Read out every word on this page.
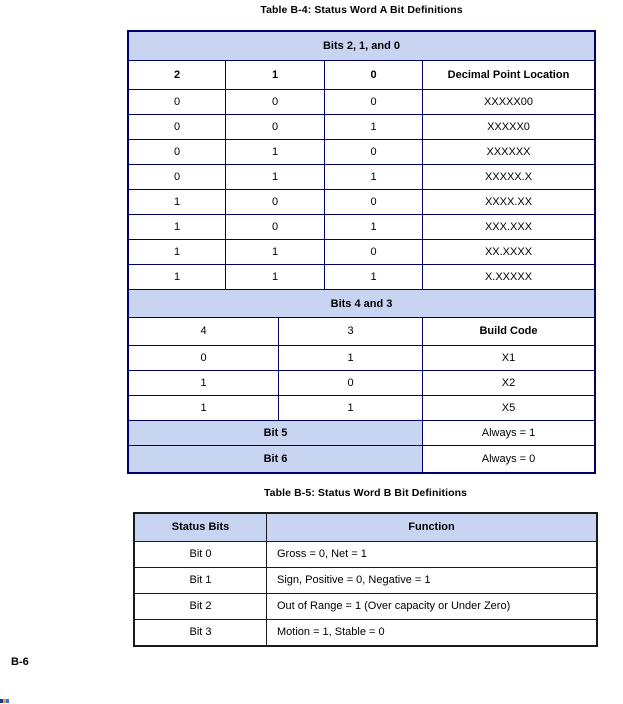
Table B-4: Status Word A Bit Definitions
Bits 2, 1, and 0
2	1	0	Decimal Point Location
0	0	0	XXXXX00
0	0	1	XXXXX0
0	1	0	XXXXXX
0	1	1	XXXXX.X
1	0	0	XXXX.XX
1	0	1	XXX.XXX
1	1	0	XX.XXXX
1	1	1	X.XXXXX
Bits 4 and 3
4	3	Build Code
0	1	X1
1	0	X2
1	1	X5
Bit 5	Always = 1
Bit 6	Always = 0
Table B-5: Status Word B Bit Definitions
Status Bits	Function
Bit 0	Gross = 0, Net = 1
Bit 1	Sign, Positive = 0, Negative = 1
Bit 2	Out of Range = 1 (Over capacity or Under Zero)
Bit 3	Motion = 1, Stable = 0
B-6
